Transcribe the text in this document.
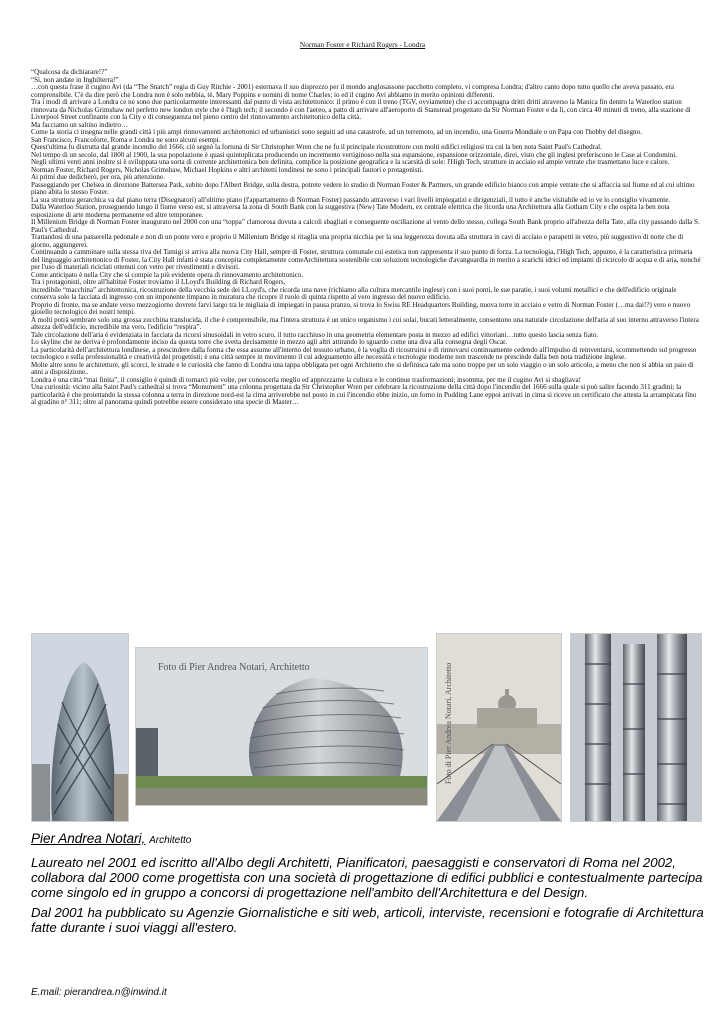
Norman Foster e Richard Rogers - Londra

“Qualcosa da dichiarare!?”

“Si, non andate in Inghilterra!”

…con questa frase il cugino Avi (da “The Snatch” regia di Guy Ritchie - 2001) esternava il suo disprezzo per il mondo anglosassone pacchetto completo, vi compresa Londra; d'altro canto dopo tutto quello che aveva passato, era comprensibile. C'è da dire però che Londra non è solo nebbia, tè, Mary Poppins e uomini di nome Charles; io ed il cugino Avi abbiamo in merito opinioni differenti.

Tra i modi di arrivare a Londra ce ne sono due particolarmente interessanti dal punto di vista architettonico: il primo è con il treno (TGV, ovviamente) che ci accompagna dritti dritti atraverso la Manica fin dentro la Waterloo station rinnovata da Nicholas Grimshaw nel perfetto new london style che è l'high tech; il secondo è con l'aereo, a patto di arrivare all'aeroporto di Stanstead progettato da Sir Norman Foster e da lì, con circa 40 minuti di treno, alla stazione di Liverpool Street confinante con la City e di conseguenza nel pieno centro del rinnovamento architettonico della città.

Ma facciamo un saltino indietro…

Come la storia ci insegna nelle grandi città i più ampi rinnovamenti architettonici ed urbanistici sono seguiti ad una catastrofe, ad un terremoto, ad un incendio, una Guerra Mondiale o un Papa con l'hobby del disegno.

San Francisco, Francoforte, Roma e Londra ne sono alcuni esempi.

Quest'ultima fu distrutta dal grande incendio del 1666; ciò segnò la fortuna di Sir Christopher Wren che ne fu il principale ricostruttore con molti edifici religiosi tra cui la ben nota Saint Paul's Cathedral.

Nel tempo di un secolo, dal 1800 al 1900, la sua popolazione è quasi quintuplicata producendo un incremento vertiginoso nella sua espansione, espansione orizzontale, direi, visto che gli inglesi preferiscono le Case ai Condomini.

Negli ultimi venti anni inoltre si è sviluppata una sorta di corrente architettonica ben definita, complice la posizione geografica e la scarsità di sole: l'High Tech, strutture in acciaio ed ampie vetrate che trasmettano luce e calore.

Norman Foster, Richard Rogers, Nicholas Grimshaw, Michael Hopkins e altri architetti londinesi ne sono i principali fautori e protagonisti.

Ai primi due dedicherò, per ora, più attenzione.

Passeggiando per Chelsea in direzione Battersea Park, subito dopo l'Albert Bridge, sulla destra, potrete vedere lo studio di Norman Foster & Partners, un grande edificio bianco con ampie vetrate che si affaccia sul fiume ed al cui ultimo piano abita lo stesso Foster.

La sua struttura gerarchica va dal piano terra (Disegnatori) all'ultimo piano (l'appartamento di Norman Foster) passando attraverso i vari livelli impiegatizi e dirigenziali, il tutto è anche visitabile ed io ve lo consiglio vivamente.

Dalla Waterloo Station, proseguendo lungo il fiume verso est, si attraversa la zona di South Bank con la suggestiva (New) Tate Modern, ex centrale elettrica che ricorda una Architettura alla Gotham City e che ospita la ben nota esposizione di arte moderna permanente ed altre temporanee.

Il Millenium Bridge di Norman Foster inaugurato nel 2000 con una “toppa” clamorosa dovuta a calcoli sbagliati e conseguente oscillazione al vento dello stesso, collega South Bank proprio all'altezza della Tate, alla city passando dalla S. Paul's Cathedral.

Trattandosi di una passerella pedonale e non di un ponte vero e proprio il Millenium Bridge si ritaglia una propria nicchia per la sua leggerezza dovuta alla struttura in cavi di acciaio e parapetti in vetro, più suggestivo di notte che di giorno, aggiungerei.

Continuando a camminare sulla stessa riva del Tamigi si arriva alla nuova City Hall, sempre di Foster, struttura comunale cui estetica non rappresenta il suo punto di forza. La tecnologia, l'High Tech, appunto, è la caratteristica primaria del linguaggio architettonico di Foster, la City Hall infatti è stata concepita completamente comeArchitettura sostenibile con soluzioni tecnologiche d'avanguardia in merito a scarichi idrici ed impianti di ricircolo di acqua e di aria, nonché per l'uso di materiali riciclati ottenuti con vetro per rivestimenti e divisori.

Come anticipato è nella City che si compie la più evidente opera di rinnovamento architettonico.

Tra i protagonisti, oltre all'habitué Foster troviamo il LLoyd's Building di Richard Rogers,

incredibile “macchina” architettonica, ricostruzione della vecchia sede dei LLoyd's, che ricorda una nave (richiamo alla cultura mercantile inglese) con i suoi ponti, le sue paratie, i suoi volumi metallici e che dell'edificio originale conserva solo la facciata di ingresso con un imponente timpano in muratura che ricopre il ruolo di quinta rispetto al vero ingresso del nuovo edificio.

Proprio di fronte, ma se andate verso mezzogiorno dovrete farvi largo tra le migliaia di impiegati in pausa pranzo, si trova lo Swiss RE Headquarters Building, nuova torre in acciaio e vetro di Norman Foster (…ma dai!?) vero e nuovo gioiello tecnologico dei nostri tempi.

A molti potrà sembrare solo una grossa zucchina translucida, il che è comprensibile, ma l'intera struttura è un unico organismo i cui solai, bucati letteralmente, consentono una naturale circolazione dell'aria al suo interno attraverso l'intera altezza dell'edificio, incredibile ma vero, l'edificio “respira”.

Tale circolazione dell'aria è evidenziata in facciata da ricorsi sinusoidali in vetro scuro, il tutto racchiuso in una geometria elementare posta in mezzo ad edifici vittoriani…tutto questo lascia senza fiato.

Lo skyline che ne deriva è profondamente inciso da questa torre che svetta decisamente in mezzo agli altri attirando lo sguardo come una diva alla consegna degli Oscar.

La particolarità dell'architettura londinese, a prescindere dalla forma che essa assume all'interno del tessuto urbano, è la voglia di ricostruirsi e di rinnovarsi continuamente cedendo all'impulso di reinventarsi, scommettendo sul progresso tecnologico e sulla professionalità e creatività dei progettisti; è una città sempre in movimento il cui adeguamento alle necessità e tecnologie moderne non trascende ne prescinde dalla ben nota tradizione inglese.

Molte altre sono le architetture, gli scorci, le strade e le curiosità che fanno di Londra una tappa obbligata per ogni Architetto che si definisca tale ma sono troppe per un solo viaggio o un solo articolo, a meno che non si abbia un paio di anni a disposizione..

Londra è una città “mai finita”, il consiglio è quindi di tornarci più volte, per conoscerla meglio ed apprezzarne la cultura e le continue trasformazioni; insomma, per me il cugino Avi si sbagliava!

Una curiosità: vicino alla Saint Paul's cathedral si trova “Monument” una colonna progettata da Sir Christopher Wren per celebrare la ricostruzione della città dopo l'incendio del 1666 sulla quale si può salire facendo 311 gradini; la particolarità è che proiettando la stessa colonna a terra in direzione nord-est la cima arriverebbe nel posto in cui l'incendio ebbe inizio, un forno in Pudding Lane eppoi arrivati in cima si riceve un certificato che attesta la arrampicata fino al gradino n° 311; oltre al panorama quindi potrebbe essere considerato una specie di Master…

Foto di Pier Andrea Notari, Architetto	Foto di Pier Andrea Notari, Architetto

Pier Andrea Notari, Architetto

Laureato nel 2001 ed iscritto all'Albo degli Architetti, Pianificatori, paesaggisti e conservatori di Roma nel 2002, collabora dal 2000 come progettista con una società di progettazione di edifici pubblici e contestualmente partecipa come singolo ed in gruppo a concorsi di progettazione nell'ambito dell'Architettura e del Design.

Dal 2001 ha pubblicato su Agenzie Giornalistiche e siti web, articoli, interviste, recensioni e fotografie di Architettura fatte durante i suoi viaggi all'estero.

E.mail: pierandrea.n@inwind.it
